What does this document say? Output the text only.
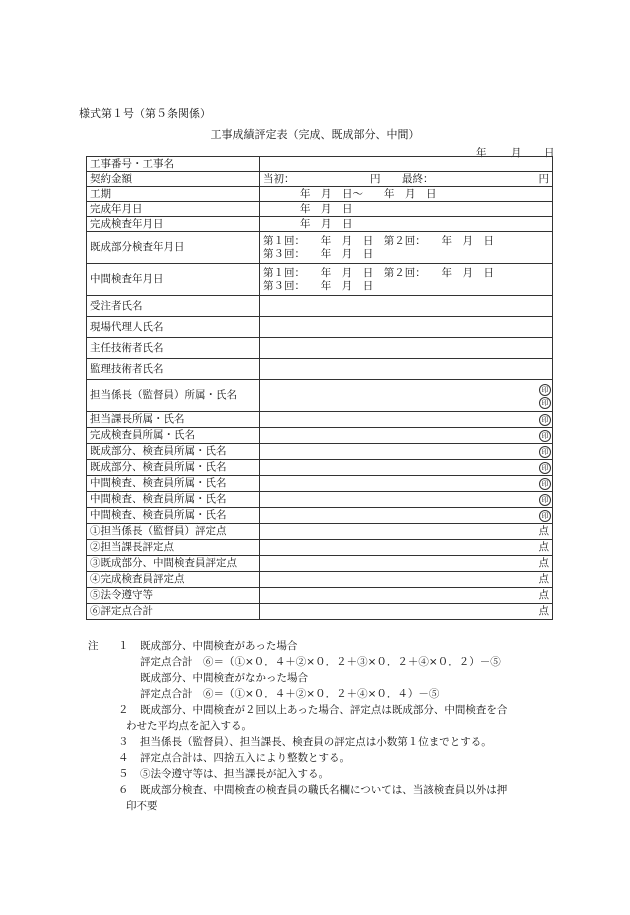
様式第１号（第５条関係）
工事成績評定表（完成、既成部分、中間）
年 月 日
工事番号・工事名	
契約金額	当初： 円 最終： 円

工期	年　月　日～　　年　月　日
完成年月日	年　月　日
完成検査年月日	年　月　日
既成部分検査年月日	第１回：　　年　月　日　第２回：　　年　月　日
第３回：　　年　月　日

中間検査年月日	第１回：　　年　月　日　第２回：　　年　月　日
第３回：　　年　月　日

受注者氏名	
現場代理人氏名	
主任技術者氏名	
監理技術者氏名	
担当係長（監督員）所属・氏名	印
印

担当課長所属・氏名	印

完成検査員所属・氏名	印

既成部分、検査員所属・氏名	印

既成部分、検査員所属・氏名	印

中間検査、検査員所属・氏名	印

中間検査、検査員所属・氏名	印

中間検査、検査員所属・氏名	印

①担当係長（監督員）評定点	点

②担当課長評定点	点

③既成部分、中間検査員評定点	点

④完成検査員評定点	点

⑤法令遵守等	点

⑥評定点合計	点
注 １ 既成部分、中間検査があった場合
評定点合計　⑥＝（①×０．４＋②×０．２＋③×０．２＋④×０．２）－⑤
既成部分、中間検査がなかった場合
評定点合計　⑥＝（①×０．４＋②×０．２＋④×０．４）－⑤
２ 既成部分、中間検査が２回以上あった場合、評定点は既成部分、中間検査を合
わせた平均点を記入する。
３ 担当係長（監督員）、担当課長、検査員の評定点は小数第１位までとする。
４ 評定点合計は、四捨五入により整数とする。
５ ⑤法令遵守等は、担当課長が記入する。
６ 既成部分検査、中間検査の検査員の職氏名欄については、当該検査員以外は押
印不要
